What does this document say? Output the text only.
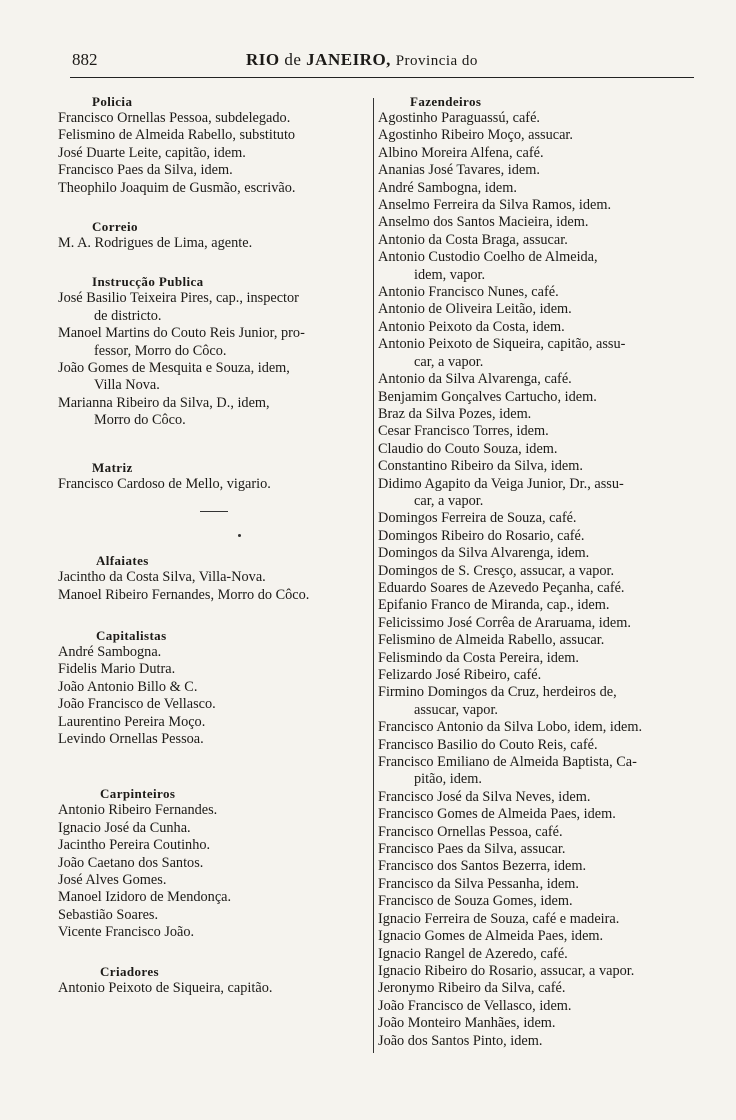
882	RIO de JANEIRO, Provincia do

Policia

Francisco Ornellas Pessoa, subdelegado.

Felismino de Almeida Rabello, substituto

José Duarte Leite, capitão, idem.

Francisco Paes da Silva, idem.

Theophilo Joaquim de Gusmão, escrivão.

Correio

M. A. Rodrigues de Lima, agente.

Instrucção Publica

José Basilio Teixeira Pires, cap., inspector

de districto.

Manoel Martins do Couto Reis Junior, pro-

fessor, Morro do Côco.

João Gomes de Mesquita e Souza, idem,

Villa Nova.

Marianna Ribeiro da Silva, D., idem,

Morro do Côco.

Matriz

Francisco Cardoso de Mello, vigario.

Alfaiates

Jacintho da Costa Silva, Villa-Nova.

Manoel Ribeiro Fernandes, Morro do Côco.

Capitalistas

André Sambogna.

Fidelis Mario Dutra.

João Antonio Billo & C.

João Francisco de Vellasco.

Laurentino Pereira Moço.

Levindo Ornellas Pessoa.

Carpinteiros

Antonio Ribeiro Fernandes.

Ignacio José da Cunha.

Jacintho Pereira Coutinho.

João Caetano dos Santos.

José Alves Gomes.

Manoel Izidoro de Mendonça.

Sebastião Soares.

Vicente Francisco João.

Criadores

Antonio Peixoto de Siqueira, capitão.

Fazendeiros

Agostinho Paraguassú, café.

Agostinho Ribeiro Moço, assucar.

Albino Moreira Alfena, café.

Ananias José Tavares, idem.

André Sambogna, idem.

Anselmo Ferreira da Silva Ramos, idem.

Anselmo dos Santos Macieira, idem.

Antonio da Costa Braga, assucar.

Antonio Custodio Coelho de Almeida,

idem, vapor.

Antonio Francisco Nunes, café.

Antonio de Oliveira Leitão, idem.

Antonio Peixoto da Costa, idem.

Antonio Peixoto de Siqueira, capitão, assu-

car, a vapor.

Antonio da Silva Alvarenga, café.

Benjamim Gonçalves Cartucho, idem.

Braz da Silva Pozes, idem.

Cesar Francisco Torres, idem.

Claudio do Couto Souza, idem.

Constantino Ribeiro da Silva, idem.

Didimo Agapito da Veiga Junior, Dr., assu-

car, a vapor.

Domingos Ferreira de Souza, café.

Domingos Ribeiro do Rosario, café.

Domingos da Silva Alvarenga, idem.

Domingos de S. Cresço, assucar, a vapor.

Eduardo Soares de Azevedo Peçanha, café.

Epifanio Franco de Miranda, cap., idem.

Felicissimo José Corrêa de Araruama, idem.

Felismino de Almeida Rabello, assucar.

Felismindo da Costa Pereira, idem.

Felizardo José Ribeiro, café.

Firmino Domingos da Cruz, herdeiros de,

assucar, vapor.

Francisco Antonio da Silva Lobo, idem, idem.

Francisco Basilio do Couto Reis, café.

Francisco Emiliano de Almeida Baptista, Ca-

pitão, idem.

Francisco José da Silva Neves, idem.

Francisco Gomes de Almeida Paes, idem.

Francisco Ornellas Pessoa, café.

Francisco Paes da Silva, assucar.

Francisco dos Santos Bezerra, idem.

Francisco da Silva Pessanha, idem.

Francisco de Souza Gomes, idem.

Ignacio Ferreira de Souza, café e madeira.

Ignacio Gomes de Almeida Paes, idem.

Ignacio Rangel de Azeredo, café.

Ignacio Ribeiro do Rosario, assucar, a vapor.

Jeronymo Ribeiro da Silva, café.

João Francisco de Vellasco, idem.

João Monteiro Manhães, idem.

João dos Santos Pinto, idem.
